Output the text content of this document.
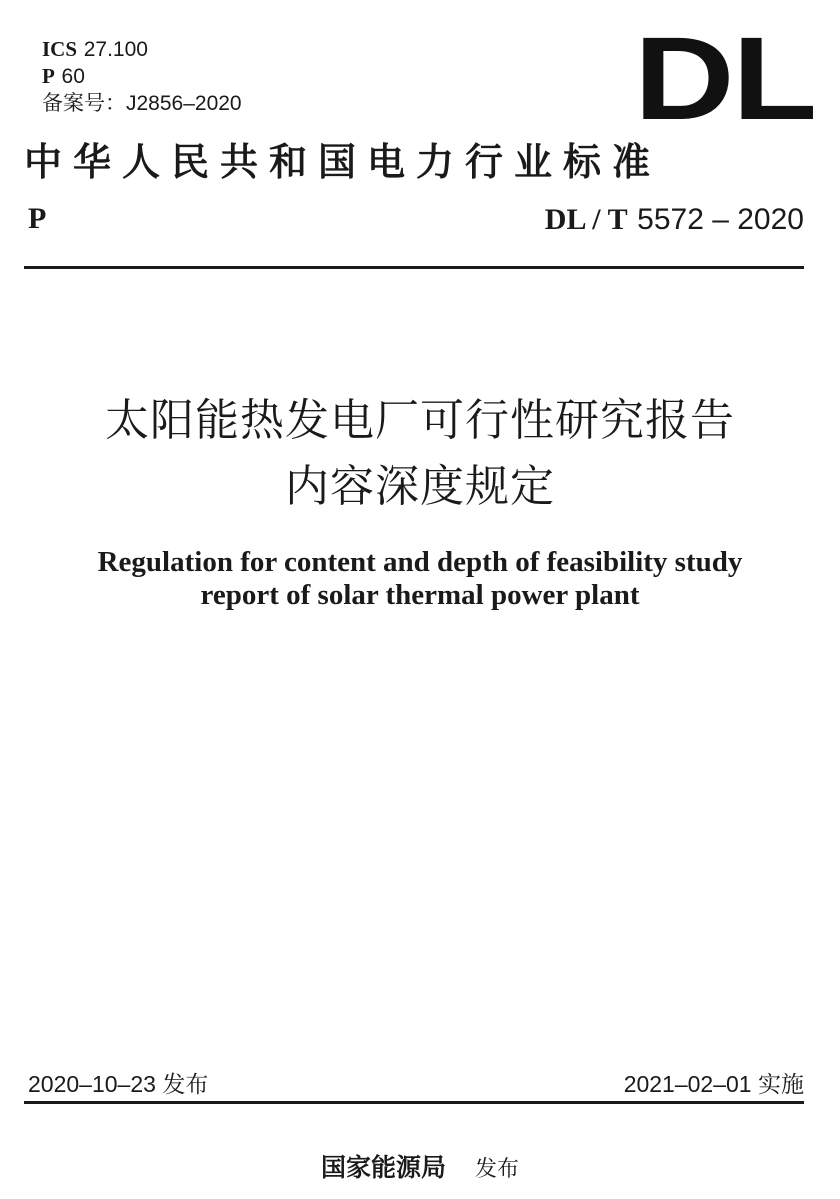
ICS 27.100
P 60
备案号：J2856–2020	DL
中华人民共和国电力行业标准
P	DL / T 5572 – 2020
太阳能热发电厂可行性研究报告
内容深度规定
Regulation for content and depth of feasibility study
report of solar thermal power plant
2020–10–23 发布	2021–02–01 实施
国家能源局 发布
